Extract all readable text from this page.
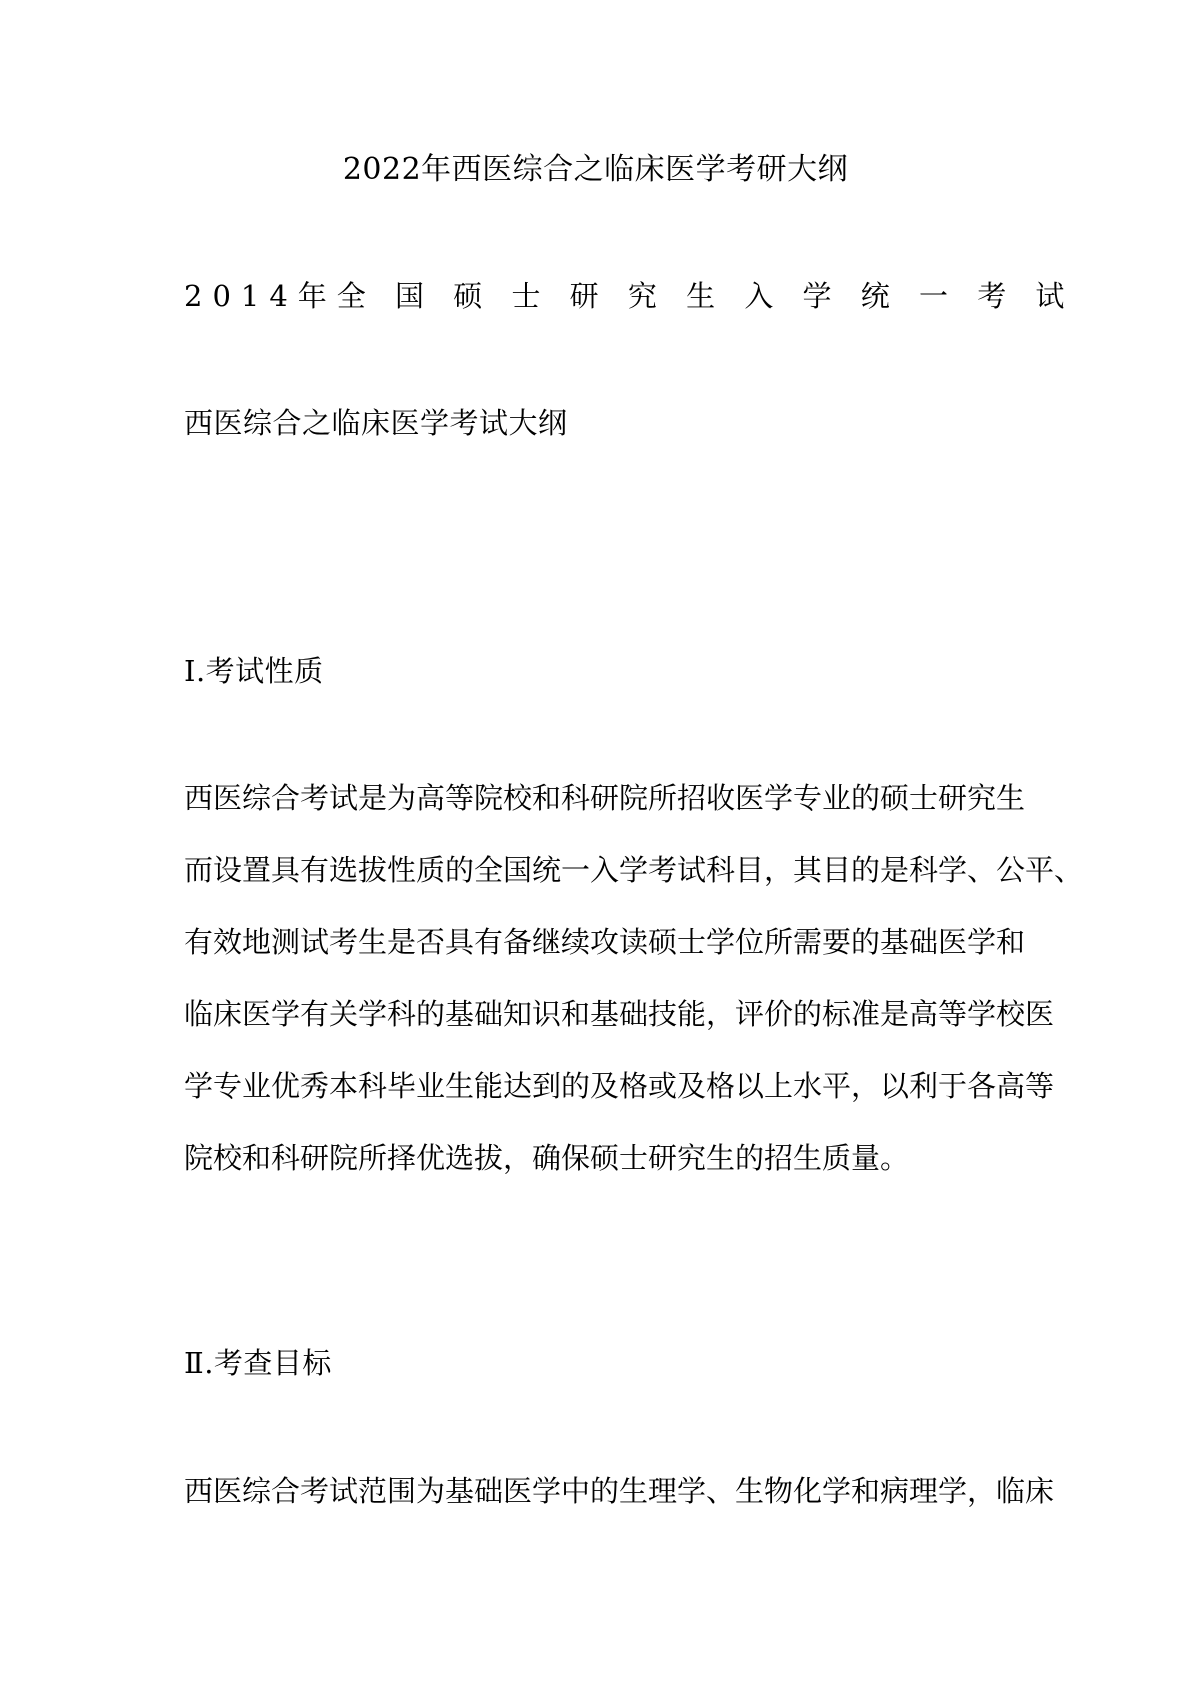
2022年西医综合之临床医学考研大纲
2014年全 国 硕 士 研 究 生 入 学 统 一 考 试
西医综合之临床医学考试大纲
Ⅰ.考试性质
西医综合考试是为高等院校和科研院所招收医学专业的硕士研究生
而设置具有选拔性质的全国统一入学考试科目，其目的是科学、公平、
有效地测试考生是否具有备继续攻读硕士学位所需要的基础医学和
临床医学有关学科的基础知识和基础技能，评价的标准是高等学校医
学专业优秀本科毕业生能达到的及格或及格以上水平，以利于各高等
院校和科研院所择优选拔，确保硕士研究生的招生质量。
Ⅱ.考查目标
西医综合考试范围为基础医学中的生理学、生物化学和病理学，临床
